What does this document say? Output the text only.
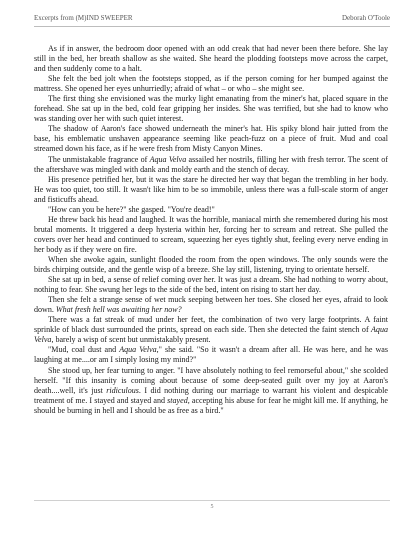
Excerpts from (M)IND SWEEPER	Deborah O'Toole

As if in answer, the bedroom door opened with an odd creak that had never been there before. She lay still in the bed, her breath shallow as she waited. She heard the plodding footsteps move across the carpet, and then suddenly come to a halt.

She felt the bed jolt when the footsteps stopped, as if the person coming for her bumped against the mattress. She opened her eyes unhurriedly; afraid of what – or who – she might see.

The first thing she envisioned was the murky light emanating from the miner's hat, placed square in the forehead. She sat up in the bed, cold fear gripping her insides. She was terrified, but she had to know who was standing over her with such quiet interest.

The shadow of Aaron's face showed underneath the miner's hat. His spiky blond hair jutted from the base, his emblematic unshaven appearance seeming like peach-fuzz on a piece of fruit. Mud and coal streamed down his face, as if he were fresh from Misty Canyon Mines.

The unmistakable fragrance of Aqua Velva assailed her nostrils, filling her with fresh terror. The scent of the aftershave was mingled with dank and moldy earth and the stench of decay.

His presence petrified her, but it was the stare he directed her way that began the trembling in her body. He was too quiet, too still. It wasn't like him to be so immobile, unless there was a full-scale storm of anger and fisticuffs ahead.

"How can you be here?" she gasped. "You're dead!"

He threw back his head and laughed. It was the horrible, maniacal mirth she remembered during his most brutal moments. It triggered a deep hysteria within her, forcing her to scream and retreat. She pulled the covers over her head and continued to scream, squeezing her eyes tightly shut, feeling every nerve ending in her body as if they were on fire.

When she awoke again, sunlight flooded the room from the open windows. The only sounds were the birds chirping outside, and the gentle wisp of a breeze. She lay still, listening, trying to orientate herself.

She sat up in bed, a sense of relief coming over her. It was just a dream. She had nothing to worry about, nothing to fear. She swung her legs to the side of the bed, intent on rising to start her day.

Then she felt a strange sense of wet muck seeping between her toes. She closed her eyes, afraid to look down. What fresh hell was awaiting her now?

There was a fat streak of mud under her feet, the combination of two very large footprints. A faint sprinkle of black dust surrounded the prints, spread on each side. Then she detected the faint stench of Aqua Velva, barely a wisp of scent but unmistakably present.

"Mud, coal dust and Aqua Velva," she said. "So it wasn't a dream after all. He was here, and he was laughing at me....or am I simply losing my mind?"

She stood up, her fear turning to anger. "I have absolutely nothing to feel remorseful about," she scolded herself. "If this insanity is coming about because of some deep-seated guilt over my joy at Aaron's death....well, it's just ridiculous. I did nothing during our marriage to warrant his violent and despicable treatment of me. I stayed and stayed and stayed, accepting his abuse for fear he might kill me. If anything, he should be burning in hell and I should be as free as a bird."

5
